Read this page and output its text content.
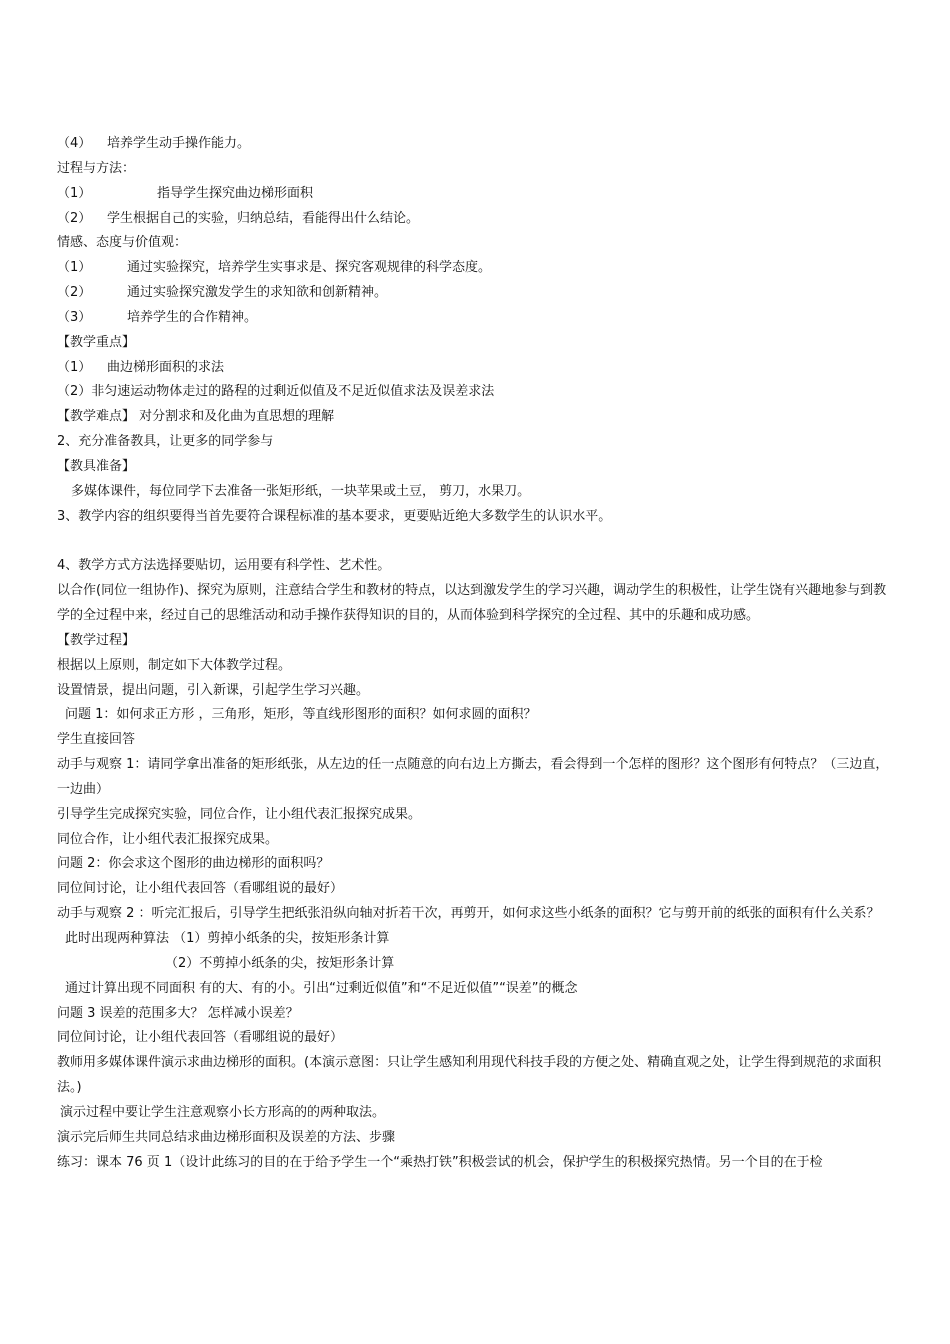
（4） 培养学生动手操作能力。
过程与方法：
（1）	指导学生探究曲边梯形面积
（2） 学生根据自己的实验，归纳总结，看能得出什么结论。
情感、态度与价值观：
（1）	通过实验探究，培养学生实事求是、探究客观规律的科学态度。
（2）	通过实验探究激发学生的求知欲和创新精神。
（3）	培养学生的合作精神。
【教学重点】
（1） 曲边梯形面积的求法
（2）非匀速运动物体走过的路程的过剩近似值及不足近似值求法及误差求法
【教学难点】 对分割求和及化曲为直思想的理解
2、充分准备教具，让更多的同学参与
【教具准备】
多媒体课件，每位同学下去准备一张矩形纸，一块苹果或土豆， 剪刀，水果刀。
3、教学内容的组织要得当首先要符合课程标准的基本要求，更要贴近绝大多数学生的认识水平。
4、教学方式方法选择要贴切，运用要有科学性、艺术性。
以合作(同位一组协作)、探究为原则，注意结合学生和教材的特点，以达到激发学生的学习兴趣，调动学生的积极性，让学生饶有兴趣地参与到教学的全过程中来，经过自己的思维活动和动手操作获得知识的目的，从而体验到科学探究的全过程、其中的乐趣和成功感。
【教学过程】
根据以上原则，制定如下大体教学过程。
设置情景，提出问题，引入新课，引起学生学习兴趣。
问题 1：如何求正方形 ，三角形，矩形，等直线形图形的面积？如何求圆的面积？
学生直接回答
动手与观察 1：请同学拿出准备的矩形纸张，从左边的任一点随意的向右边上方撕去，看会得到一个怎样的图形？这个图形有何特点？（三边直，一边曲）
引导学生完成探究实验，同位合作，让小组代表汇报探究成果。
同位合作，让小组代表汇报探究成果。
问题 2：你会求这个图形的曲边梯形的面积吗？
同位间讨论，让小组代表回答（看哪组说的最好）
动手与观察 2 ：听完汇报后，引导学生把纸张沿纵向轴对折若干次，再剪开，如何求这些小纸条的面积？它与剪开前的纸张的面积有什么关系？
此时出现两种算法 （1）剪掉小纸条的尖，按矩形条计算
（2）不剪掉小纸条的尖，按矩形条计算
通过计算出现不同面积 有的大、有的小。引出“过剩近似值”和“不足近似值”“误差”的概念
问题 3 误差的范围多大？ 怎样减小误差？
同位间讨论，让小组代表回答（看哪组说的最好）
教师用多媒体课件演示求曲边梯形的面积。(本演示意图：只让学生感知利用现代科技手段的方便之处、精确直观之处，让学生得到规范的求面积法。)
演示过程中要让学生注意观察小长方形高的的两种取法。
演示完后师生共同总结求曲边梯形面积及误差的方法、步骤
练习：课本 76 页 1（设计此练习的目的在于给予学生一个“乘热打铁”积极尝试的机会，保护学生的积极探究热情。另一个目的在于检
